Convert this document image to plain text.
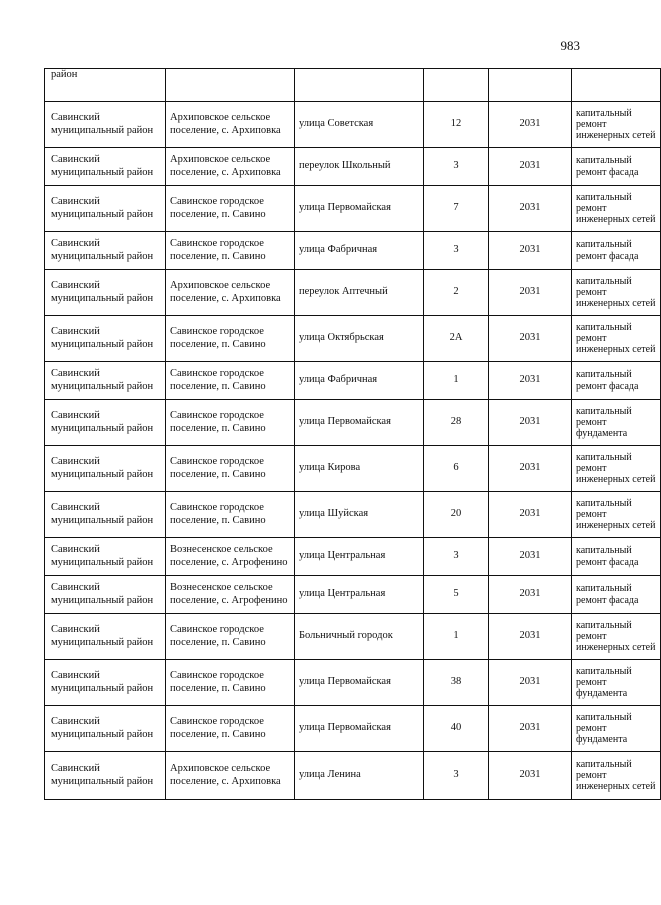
983
район					
Савинский муниципальный район	Архиповское сельское поселение, с. Архиповка	улица Советская	12	2031	капитальный ремонт инженерных сетей
Савинский муниципальный район	Архиповское сельское поселение, с. Архиповка	переулок Школьный	3	2031	капитальный ремонт фасада
Савинский муниципальный район	Савинское городское поселение, п. Савино	улица Первомайская	7	2031	капитальный ремонт инженерных сетей
Савинский муниципальный район	Савинское городское поселение, п. Савино	улица Фабричная	3	2031	капитальный ремонт фасада
Савинский муниципальный район	Архиповское сельское поселение, с. Архиповка	переулок Аптечный	2	2031	капитальный ремонт инженерных сетей
Савинский муниципальный район	Савинское городское поселение, п. Савино	улица Октябрьская	2А	2031	капитальный ремонт инженерных сетей
Савинский муниципальный район	Савинское городское поселение, п. Савино	улица Фабричная	1	2031	капитальный ремонт фасада
Савинский муниципальный район	Савинское городское поселение, п. Савино	улица Первомайская	28	2031	капитальный ремонт фундамента
Савинский муниципальный район	Савинское городское поселение, п. Савино	улица Кирова	6	2031	капитальный ремонт инженерных сетей
Савинский муниципальный район	Савинское городское поселение, п. Савино	улица Шуйская	20	2031	капитальный ремонт инженерных сетей
Савинский муниципальный район	Вознесенское сельское поселение, с. Агрофенино	улица Центральная	3	2031	капитальный ремонт фасада
Савинский муниципальный район	Вознесенское сельское поселение, с. Агрофенино	улица Центральная	5	2031	капитальный ремонт фасада
Савинский муниципальный район	Савинское городское поселение, п. Савино	Больничный городок	1	2031	капитальный ремонт инженерных сетей
Савинский муниципальный район	Савинское городское поселение, п. Савино	улица Первомайская	38	2031	капитальный ремонт фундамента
Савинский муниципальный район	Савинское городское поселение, п. Савино	улица Первомайская	40	2031	капитальный ремонт фундамента
Савинский муниципальный район	Архиповское сельское поселение, с. Архиповка	улица Ленина	3	2031	капитальный ремонт инженерных сетей
